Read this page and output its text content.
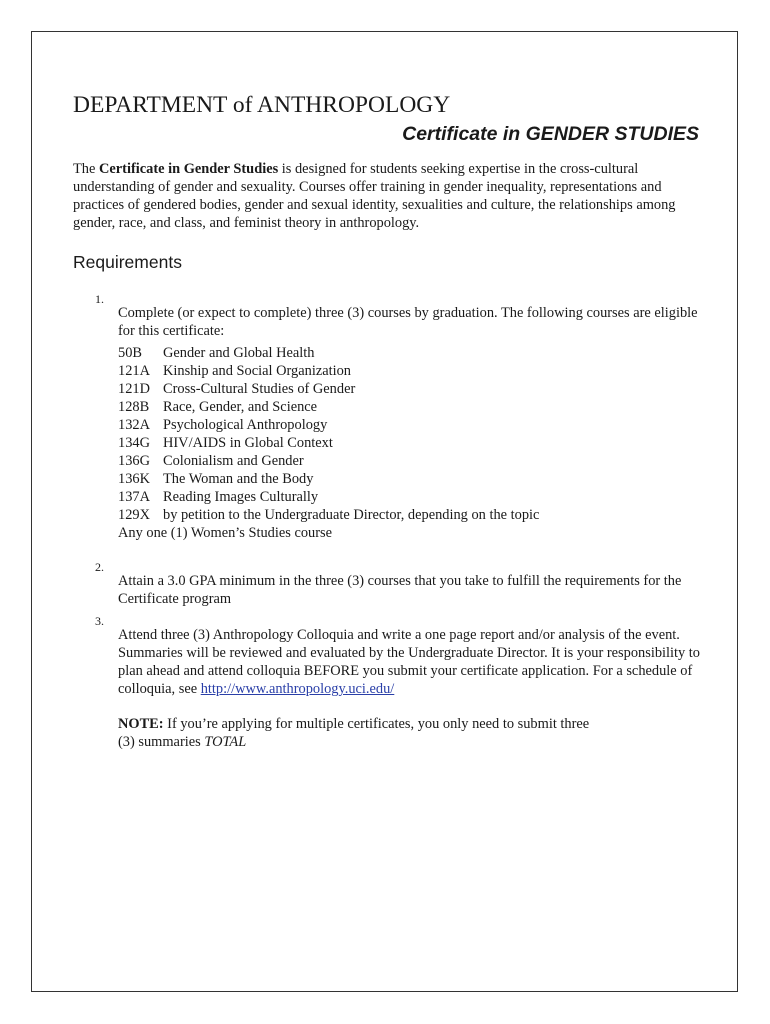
DEPARTMENT of ANTHROPOLOGY
Certificate in GENDER STUDIES

The Certificate in Gender Studies is designed for students seeking expertise in the cross-cultural understanding of gender and sexuality. Courses offer training in gender inequality, representations and practices of gendered bodies, gender and sexual identity, sexualities and culture, the relationships among gender, race, and class, and feminist theory in anthropology.

Requirements
1.

Complete (or expect to complete) three (3) courses by graduation. The following courses are eligible for this certificate:

50B Gender and Global Health
121A Kinship and Social Organization
121D Cross-Cultural Studies of Gender
128B Race, Gender, and Science
132A Psychological Anthropology
134G HIV/AIDS in Global Context
136G Colonialism and Gender
136K The Woman and the Body
137A Reading Images Culturally
129X by petition to the Undergraduate Director, depending on the topic
Any one (1) Women’s Studies course
2.

Attain a 3.0 GPA minimum in the three (3) courses that you take to fulfill the requirements for the Certificate program

3.

Attend three (3) Anthropology Colloquia and write a one page report and/or analysis of the event. Summaries will be reviewed and evaluated by the Undergraduate Director. It is your responsibility to plan ahead and attend colloquia BEFORE you submit your certificate application. For a schedule of colloquia, see http://www.anthropology.uci.edu/

NOTE: If you’re applying for multiple certificates, you only need to submit three (3) summaries TOTAL
